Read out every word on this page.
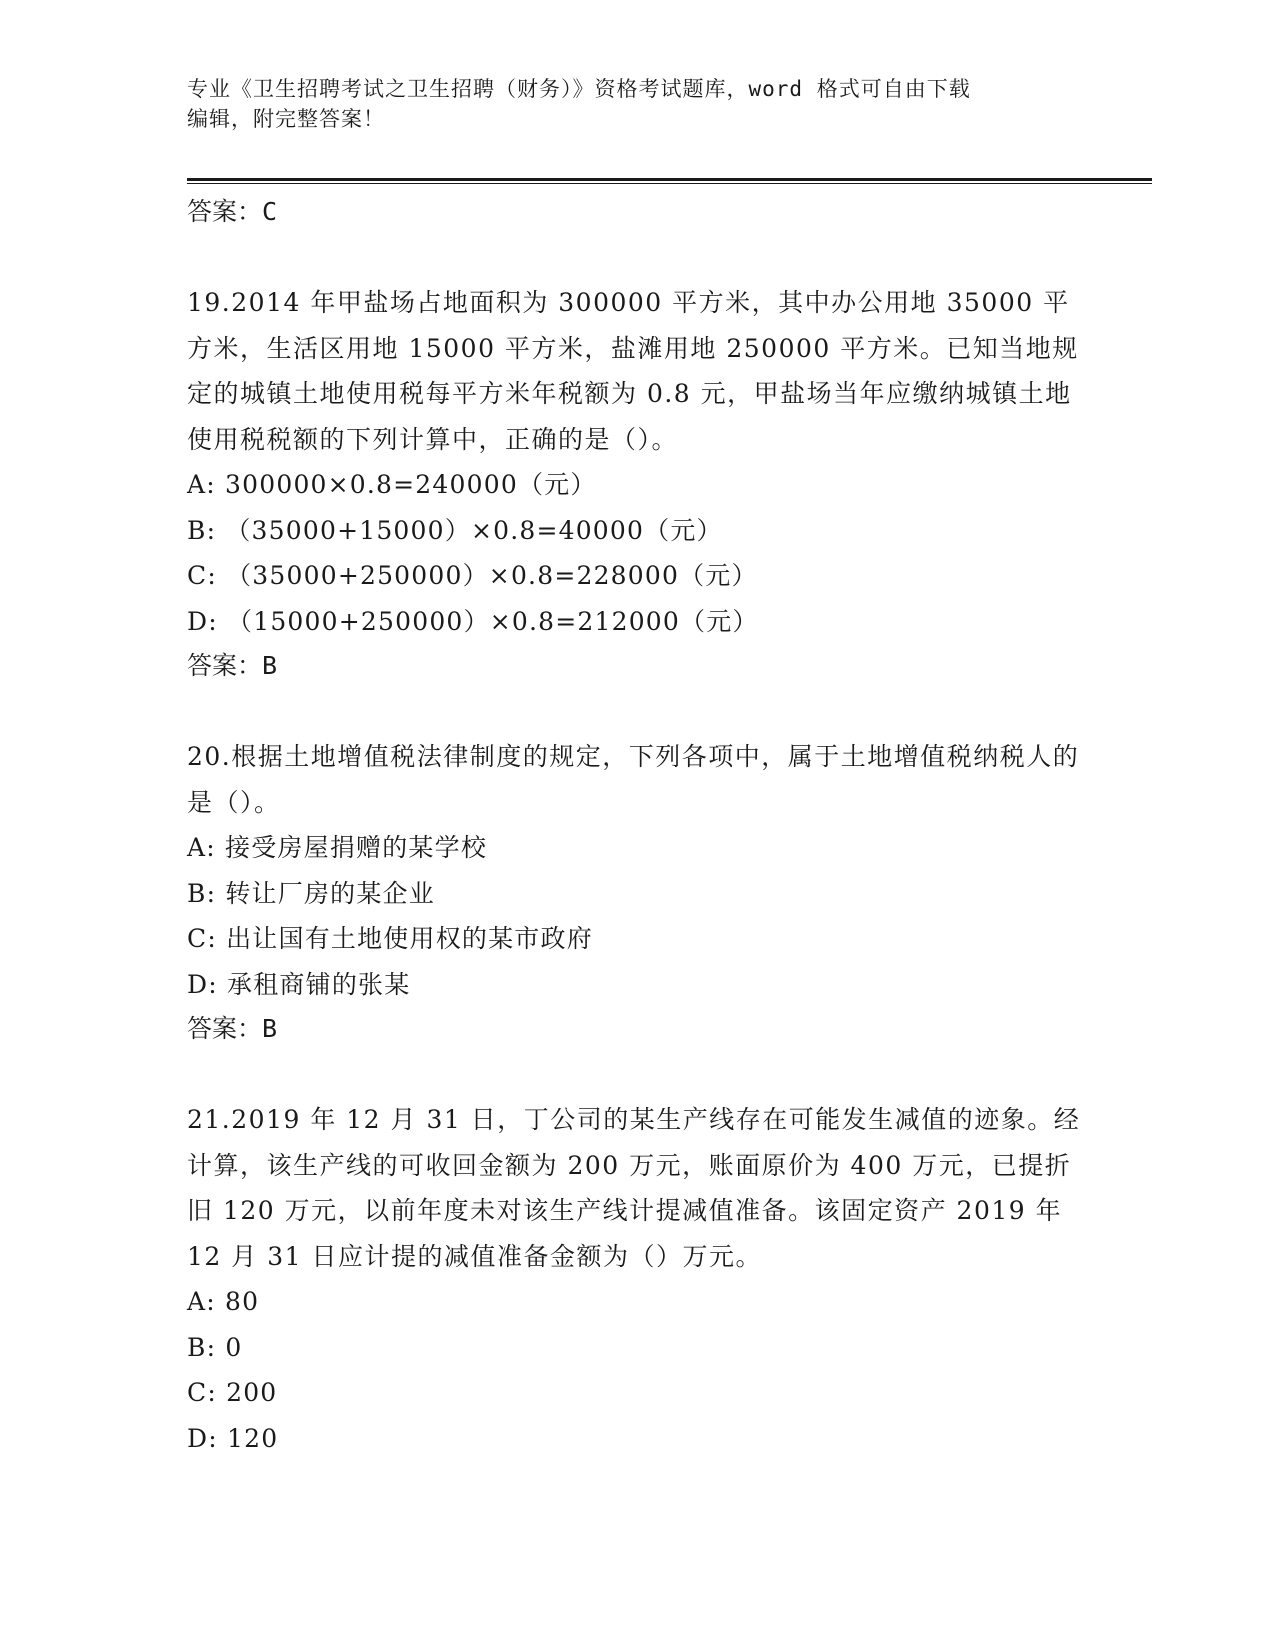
专业《卫生招聘考试之卫生招聘（财务）》资格考试题库，word 格式可自由下载
编辑，附完整答案！
答案：C

19.2014 年甲盐场占地面积为 300000 平方米，其中办公用地 35000 平方米，生活区用地 15000 平方米，盐滩用地 250000 平方米。已知当地规定的城镇土地使用税每平方米年税额为 0.8 元，甲盐场当年应缴纳城镇土地使用税税额的下列计算中，正确的是（）。

A: 300000×0.8=240000（元）
B: （35000+15000）×0.8=40000（元）
C: （35000+250000）×0.8=228000（元）
D: （15000+250000）×0.8=212000（元）
答案：B

20.根据土地增值税法律制度的规定，下列各项中，属于土地增值税纳税人的是（）。

A: 接受房屋捐赠的某学校
B: 转让厂房的某企业
C: 出让国有土地使用权的某市政府
D: 承租商铺的张某
答案：B

21.2019 年 12 月 31 日，丁公司的某生产线存在可能发生减值的迹象。经计算，该生产线的可收回金额为 200 万元，账面原价为 400 万元，已提折旧 120 万元，以前年度未对该生产线计提减值准备。该固定资产 2019 年 12 月 31 日应计提的减值准备金额为（）万元。

A: 80
B: 0
C: 200
D: 120
